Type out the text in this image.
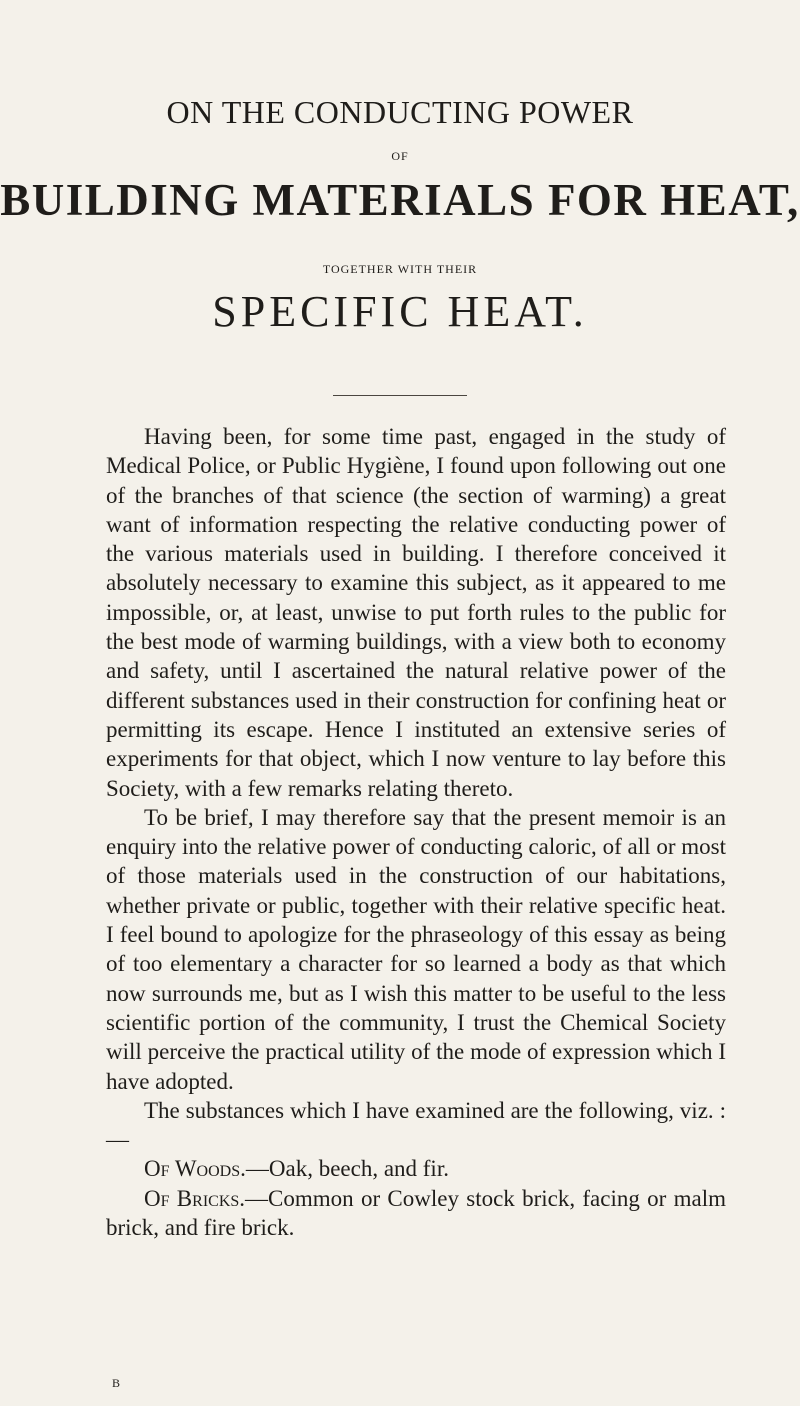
ON THE CONDUCTING POWER
OF
BUILDING MATERIALS FOR HEAT,
TOGETHER WITH THEIR
SPECIFIC HEAT.

Having been, for some time past, engaged in the study of Medical Police, or Public Hygiène, I found upon following out one of the branches of that science (the section of warming) a great want of information respecting the relative conducting power of the various materials used in building. I therefore conceived it absolutely necessary to examine this subject, as it appeared to me impossible, or, at least, unwise to put forth rules to the public for the best mode of warming buildings, with a view both to economy and safety, until I ascertained the natural relative power of the different substances used in their construction for confining heat or permitting its escape. Hence I instituted an extensive series of experiments for that object, which I now venture to lay before this Society, with a few remarks relating thereto.

To be brief, I may therefore say that the present memoir is an enquiry into the relative power of conducting caloric, of all or most of those materials used in the construction of our habitations, whether private or public, together with their relative specific heat. I feel bound to apologize for the phraseology of this essay as being of too elementary a character for so learned a body as that which now surrounds me, but as I wish this matter to be useful to the less scientific portion of the community, I trust the Chemical Society will perceive the practical utility of the mode of expression which I have adopted.

The substances which I have examined are the following, viz. :—

Of Woods.—Oak, beech, and fir.

Of Bricks.—Common or Cowley stock brick, facing or malm brick, and fire brick.

B
